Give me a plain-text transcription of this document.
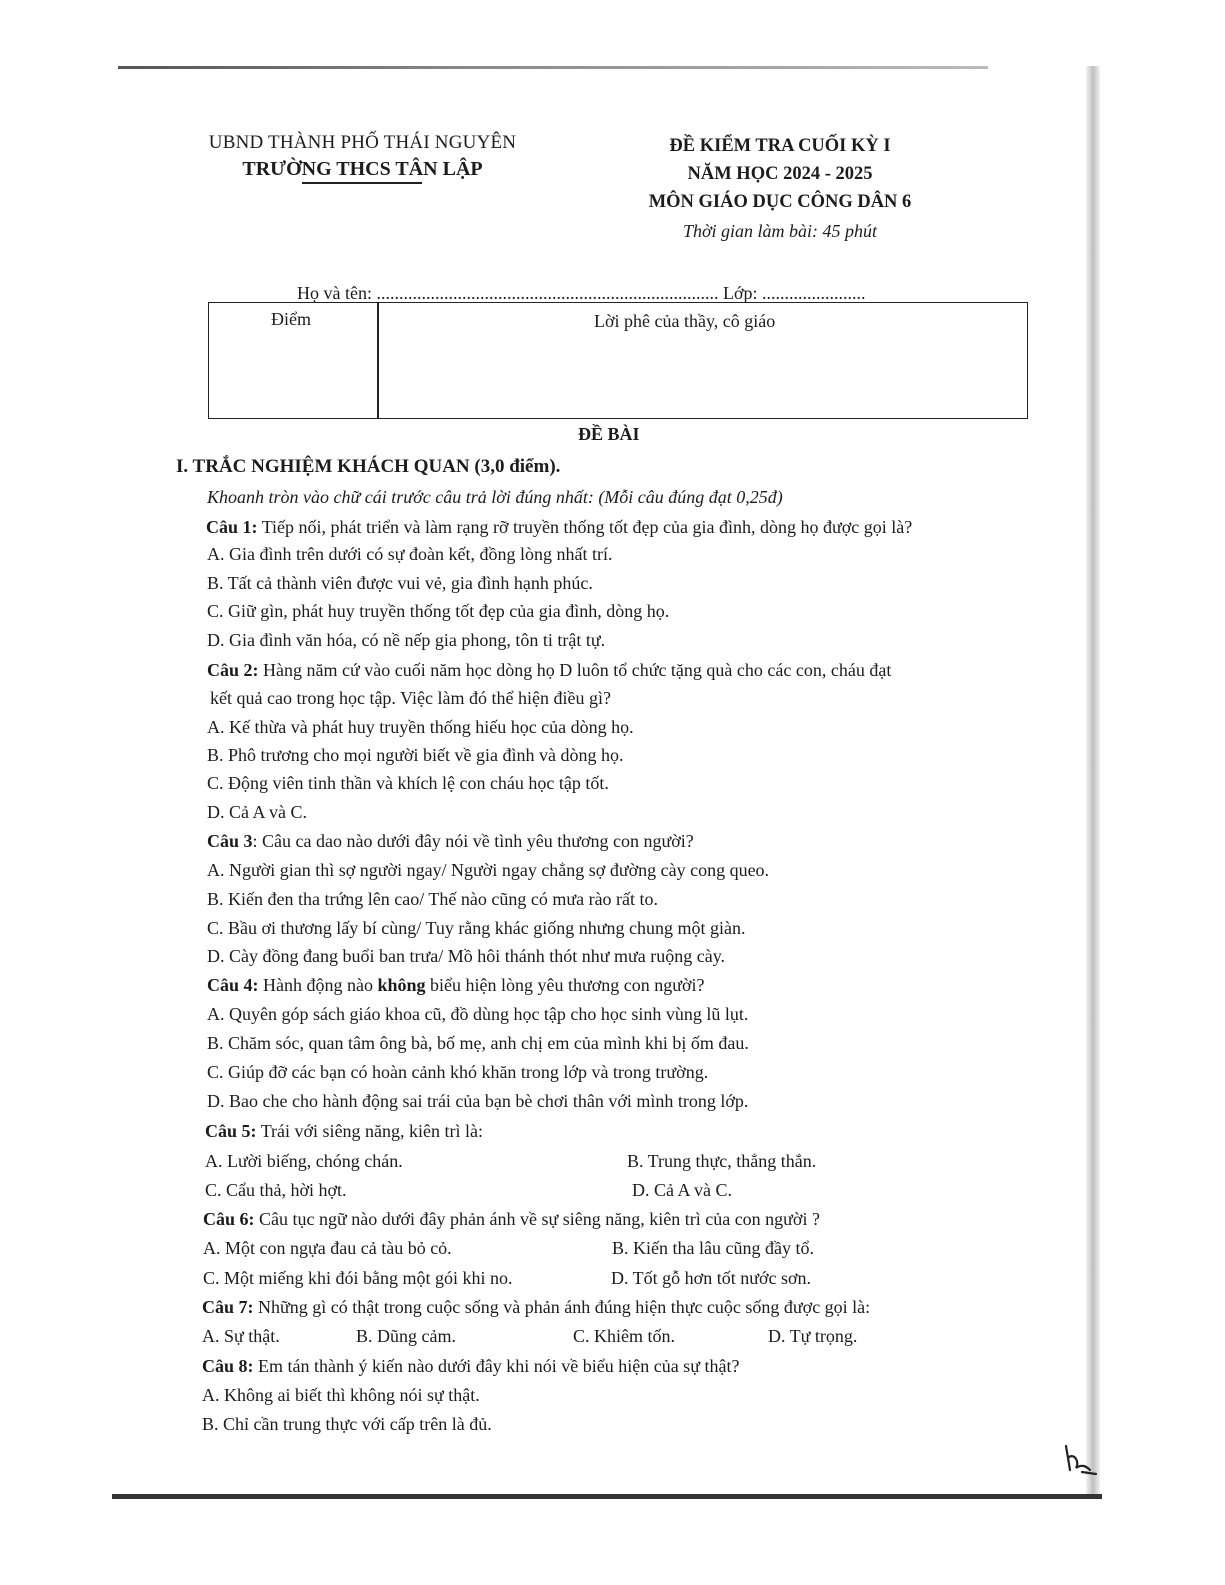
UBND THÀNH PHỐ THÁI NGUYÊN
TRƯỜNG THCS TÂN LẬP
ĐỀ KIỂM TRA CUỐI KỲ I
NĂM HỌC 2024 - 2025
MÔN GIÁO DỤC CÔNG DÂN 6
Thời gian làm bài: 45 phút
Họ và tên: ............................................................................ Lớp: .......................
Điểm	Lời phê của thầy, cô giáo
ĐỀ BÀI
I. TRẮC NGHIỆM KHÁCH QUAN (3,0 điểm).
Khoanh tròn vào chữ cái trước câu trả lời đúng nhất: (Mỗi câu đúng đạt 0,25đ)
Câu 1: Tiếp nối, phát triển và làm rạng rỡ truyền thống tốt đẹp của gia đình, dòng họ được gọi là?
A. Gia đình trên dưới có sự đoàn kết, đồng lòng nhất trí.
B. Tất cả thành viên được vui vẻ, gia đình hạnh phúc.
C. Giữ gìn, phát huy truyền thống tốt đẹp của gia đình, dòng họ.
D. Gia đình văn hóa, có nề nếp gia phong, tôn ti trật tự.
Câu 2: Hàng năm cứ vào cuối năm học dòng họ D luôn tổ chức tặng quà cho các con, cháu đạt
kết quả cao trong học tập. Việc làm đó thể hiện điều gì?
A. Kế thừa và phát huy truyền thống hiếu học của dòng họ.
B. Phô trương cho mọi người biết về gia đình và dòng họ.
C. Động viên tinh thần và khích lệ con cháu học tập tốt.
D. Cả A và C.
Câu 3: Câu ca dao nào dưới đây nói về tình yêu thương con người?
A. Người gian thì sợ người ngay/ Người ngay chẳng sợ đường cày cong queo.
B. Kiến đen tha trứng lên cao/ Thế nào cũng có mưa rào rất to.
C. Bầu ơi thương lấy bí cùng/ Tuy rằng khác giống nhưng chung một giàn.
D. Cày đồng đang buổi ban trưa/ Mồ hôi thánh thót như mưa ruộng cày.
Câu 4: Hành động nào không biểu hiện lòng yêu thương con người?
A. Quyên góp sách giáo khoa cũ, đồ dùng học tập cho học sinh vùng lũ lụt.
B. Chăm sóc, quan tâm ông bà, bố mẹ, anh chị em của mình khi bị ốm đau.
C. Giúp đỡ các bạn có hoàn cảnh khó khăn trong lớp và trong trường.
D. Bao che cho hành động sai trái của bạn bè chơi thân với mình trong lớp.
Câu 5: Trái với siêng năng, kiên trì là:
A. Lười biếng, chóng chán.	B. Trung thực, thẳng thắn.
C. Cẩu thả, hời hợt.	D. Cả A và C.
Câu 6: Câu tục ngữ nào dưới đây phản ánh về sự siêng năng, kiên trì của con người ?
A. Một con ngựa đau cả tàu bỏ cỏ.	B. Kiến tha lâu cũng đầy tổ.
C. Một miếng khi đói bằng một gói khi no.	D. Tốt gỗ hơn tốt nước sơn.
Câu 7: Những gì có thật trong cuộc sống và phản ánh đúng hiện thực cuộc sống được gọi là:
A. Sự thật.	B. Dũng cảm.	C. Khiêm tốn.	D. Tự trọng.
Câu 8: Em tán thành ý kiến nào dưới đây khi nói về biểu hiện của sự thật?
A. Không ai biết thì không nói sự thật.
B. Chỉ cần trung thực với cấp trên là đủ.
